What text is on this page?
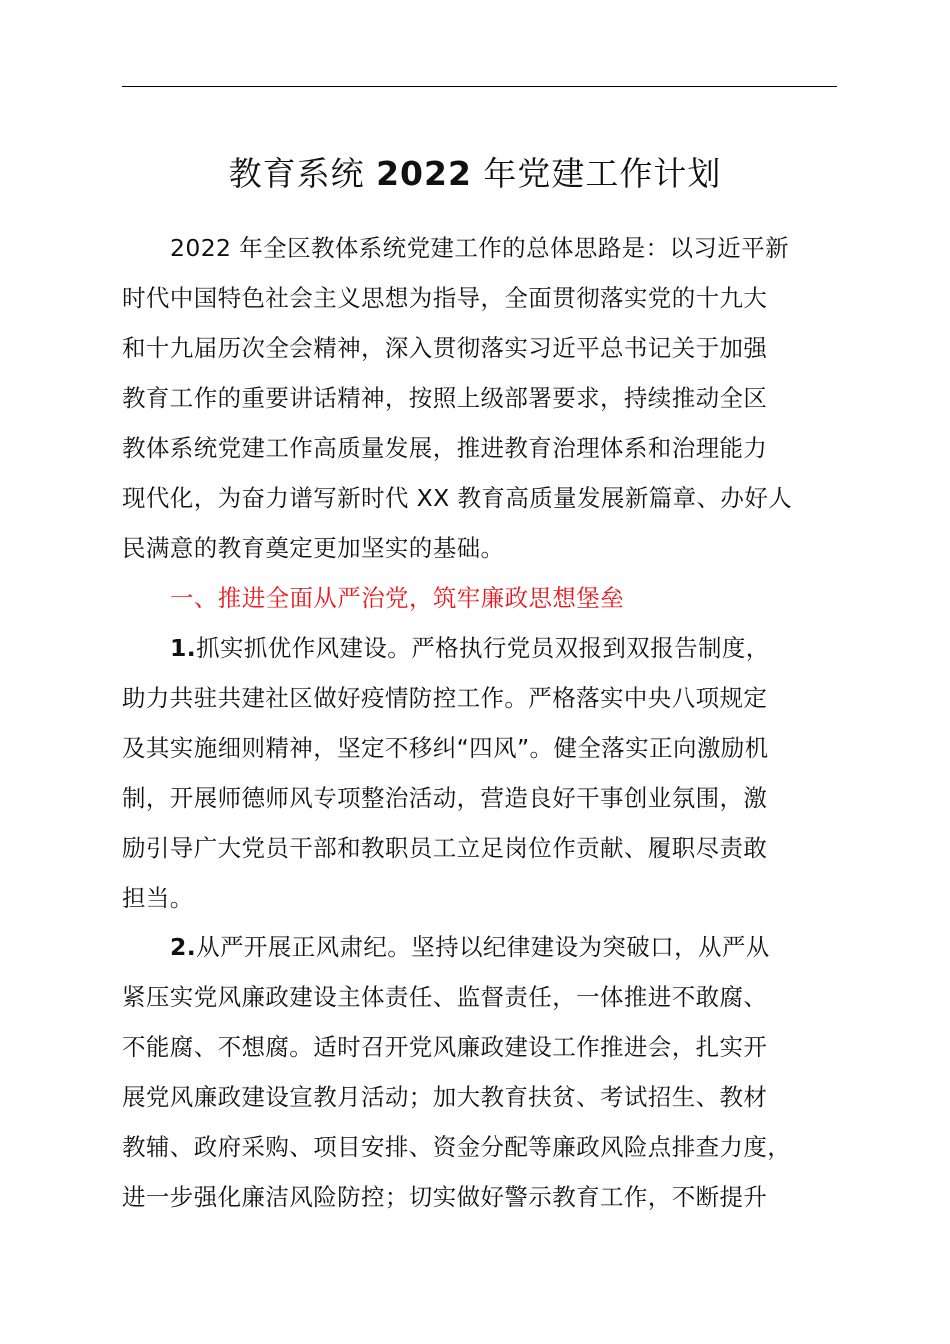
教育系统 2022 年党建工作计划
2022 年全区教体系统党建工作的总体思路是：以习近平新
时代中国特色社会主义思想为指导，全面贯彻落实党的十九大
和十九届历次全会精神，深入贯彻落实习近平总书记关于加强
教育工作的重要讲话精神，按照上级部署要求，持续推动全区
教体系统党建工作高质量发展，推进教育治理体系和治理能力
现代化，为奋力谱写新时代 XX 教育高质量发展新篇章、办好人
民满意的教育奠定更加坚实的基础。
一、推进全面从严治党，筑牢廉政思想堡垒
1.抓实抓优作风建设。严格执行党员双报到双报告制度，
助力共驻共建社区做好疫情防控工作。严格落实中央八项规定
及其实施细则精神，坚定不移纠“四风”。健全落实正向激励机
制，开展师德师风专项整治活动，营造良好干事创业氛围，激
励引导广大党员干部和教职员工立足岗位作贡献、履职尽责敢
担当。
2.从严开展正风肃纪。坚持以纪律建设为突破口，从严从
紧压实党风廉政建设主体责任、监督责任，一体推进不敢腐、
不能腐、不想腐。适时召开党风廉政建设工作推进会，扎实开
展党风廉政建设宣教月活动；加大教育扶贫、考试招生、教材
教辅、政府采购、项目安排、资金分配等廉政风险点排查力度，
进一步强化廉洁风险防控；切实做好警示教育工作，不断提升
